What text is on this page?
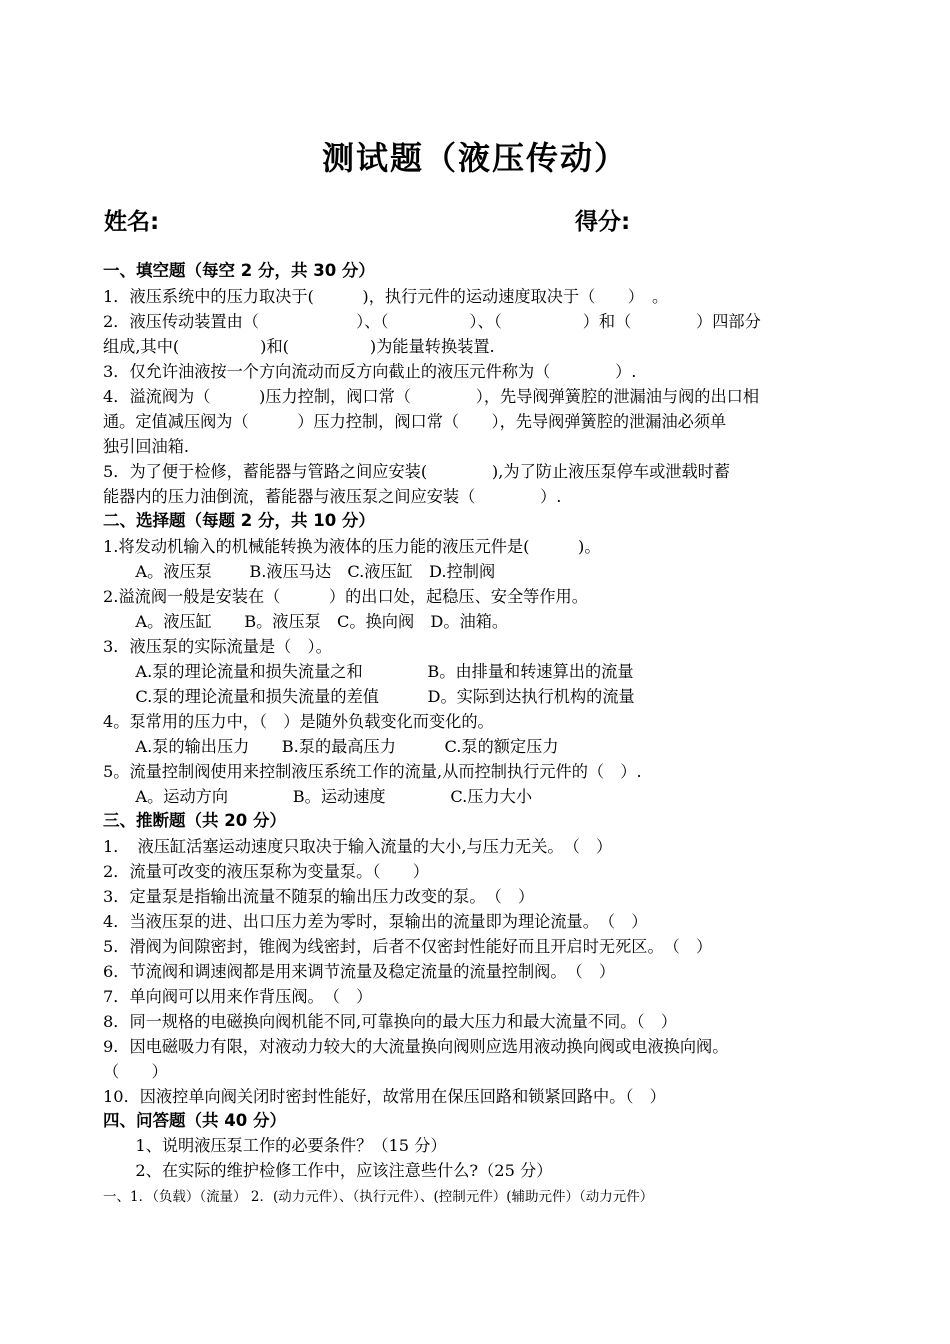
测试题（液压传动）
姓名:	得分:
一、填空题（每空 2 分，共 30 分）
1．液压系统中的压力取决于(　　　)，执行元件的运动速度取决于（　　）　。
2．液压传动装置由（　　　　　　）、（　　　　　）、（　　　　　）和（　　　　）四部分
组成,其中(　　　　　)和(　　　　　)为能量转换装置.
3．仅允许油液按一个方向流动而反方向截止的液压元件称为（　　　　）.
4．溢流阀为（　　　)压力控制，阀口常（　　　　），先导阀弹簧腔的泄漏油与阀的出口相
通。定值减压阀为（　　　）压力控制，阀口常（　　），先导阀弹簧腔的泄漏油必须单
独引回油箱.
5．为了便于检修，蓄能器与管路之间应安装(　　　　),为了防止液压泵停车或泄载时蓄
能器内的压力油倒流，蓄能器与液压泵之间应安装（　　　　）.
二、选择题（每题 2 分，共 10 分）
1.将发动机输入的机械能转换为液体的压力能的液压元件是(　　　)。
　　A。液压泵　　 B.液压马达　C.液压缸　D.控制阀
2.溢流阀一般是安装在（　　　）的出口处，起稳压、安全等作用。
　　A。液压缸　　B。液压泵　C。换向阀　D。油箱。
3．液压泵的实际流量是（　）。
　　A.泵的理论流量和损失流量之和　　　　B。由排量和转速算出的流量
　　C.泵的理论流量和损失流量的差值　　　D。实际到达执行机构的流量
4。泵常用的压力中，（　）是随外负载变化而变化的。
　　A.泵的输出压力　　B.泵的最高压力　　　C.泵的额定压力
5。流量控制阀使用来控制液压系统工作的流量,从而控制执行元件的（　）.
　　A。运动方向　　　　B。运动速度　　　　C.压力大小
三、推断题（共 20 分）
1．　液压缸活塞运动速度只取决于输入流量的大小,与压力无关。　（　）
2．流量可改变的液压泵称为变量泵。（　　）
3．定量泵是指输出流量不随泵的输出压力改变的泵。　（　）
4．当液压泵的进、出口压力差为零时，泵输出的流量即为理论流量。　（　）
5．滑阀为间隙密封，锥阀为线密封，后者不仅密封性能好而且开启时无死区。　（　）
6．节流阀和调速阀都是用来调节流量及稳定流量的流量控制阀。　（　）
7．单向阀可以用来作背压阀。　（　）
8．同一规格的电磁换向阀机能不同,可靠换向的最大压力和最大流量不同。（　）
9．因电磁吸力有限，对液动力较大的大流量换向阀则应选用液动换向阀或电液换向阀。
（　　）
10．因液控单向阀关闭时密封性能好，故常用在保压回路和锁紧回路中。（　）
四、问答题（共 40 分）
　　1、说明液压泵工作的必要条件？（15 分）
　　2、在实际的维护检修工作中，应该注意些什么?（25 分）
一、1．（负载）（流量） 2．(动力元件）、（执行元件）、(控制元件）(辅助元件）（动力元件）
